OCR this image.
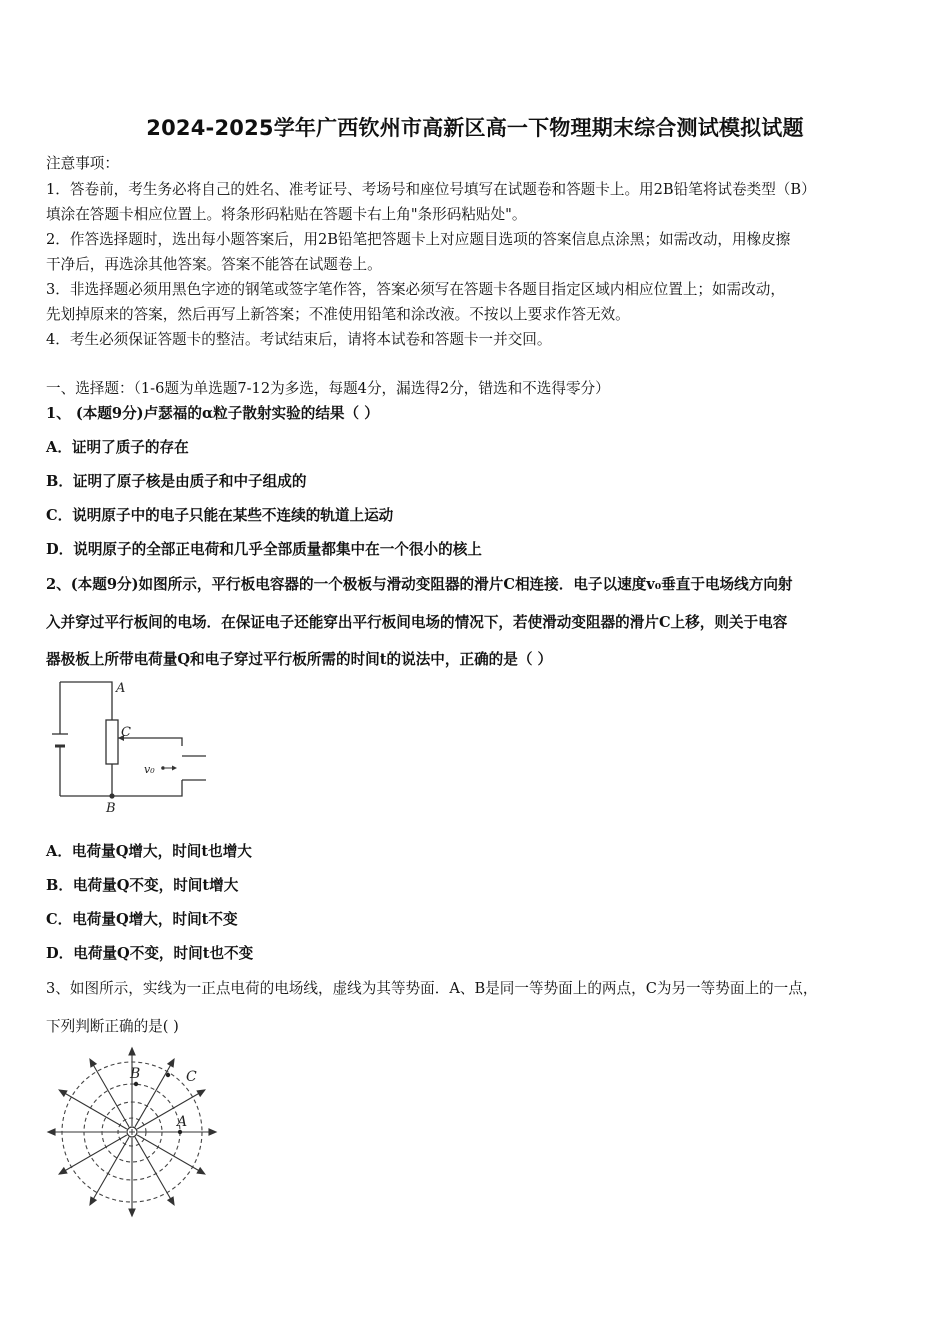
2024-2025学年广西钦州市高新区高一下物理期末综合测试模拟试题
注意事项：
1．答卷前，考生务必将自己的姓名、准考证号、考场号和座位号填写在试题卷和答题卡上。用2B铅笔将试卷类型（B）
填涂在答题卡相应位置上。将条形码粘贴在答题卡右上角"条形码粘贴处"。
2．作答选择题时，选出每小题答案后，用2B铅笔把答题卡上对应题目选项的答案信息点涂黑；如需改动，用橡皮擦
干净后，再选涂其他答案。答案不能答在试题卷上。
3．非选择题必须用黑色字迹的钢笔或签字笔作答，答案必须写在答题卡各题目指定区域内相应位置上；如需改动，
先划掉原来的答案，然后再写上新答案；不准使用铅笔和涂改液。不按以上要求作答无效。
4．考生必须保证答题卡的整洁。考试结束后，请将本试卷和答题卡一并交回。
一、选择题：（1-6题为单选题7-12为多选，每题4分，漏选得2分，错选和不选得零分）
1、 (本题9分)卢瑟福的α粒子散射实验的结果（ ）
A．证明了质子的存在
B．证明了原子核是由质子和中子组成的
C．说明原子中的电子只能在某些不连续的轨道上运动
D．说明原子的全部正电荷和几乎全部质量都集中在一个很小的核上
2、(本题9分)如图所示，平行板电容器的一个极板与滑动变阻器的滑片C相连接．电子以速度v₀垂直于电场线方向射
入并穿过平行板间的电场．在保证电子还能穿出平行板间电场的情况下，若使滑动变阻器的滑片C上移，则关于电容
器极板上所带电荷量Q和电子穿过平行板所需的时间t的说法中，正确的是（ ）
A
C
B
v₀
A．电荷量Q增大，时间t也增大
B．电荷量Q不变，时间t增大
C．电荷量Q增大，时间t不变
D．电荷量Q不变，时间t也不变
3、如图所示，实线为一正点电荷的电场线，虚线为其等势面．A、B是同一等势面上的两点，C为另一等势面上的一点，
下列判断正确的是( )
B
A
C
